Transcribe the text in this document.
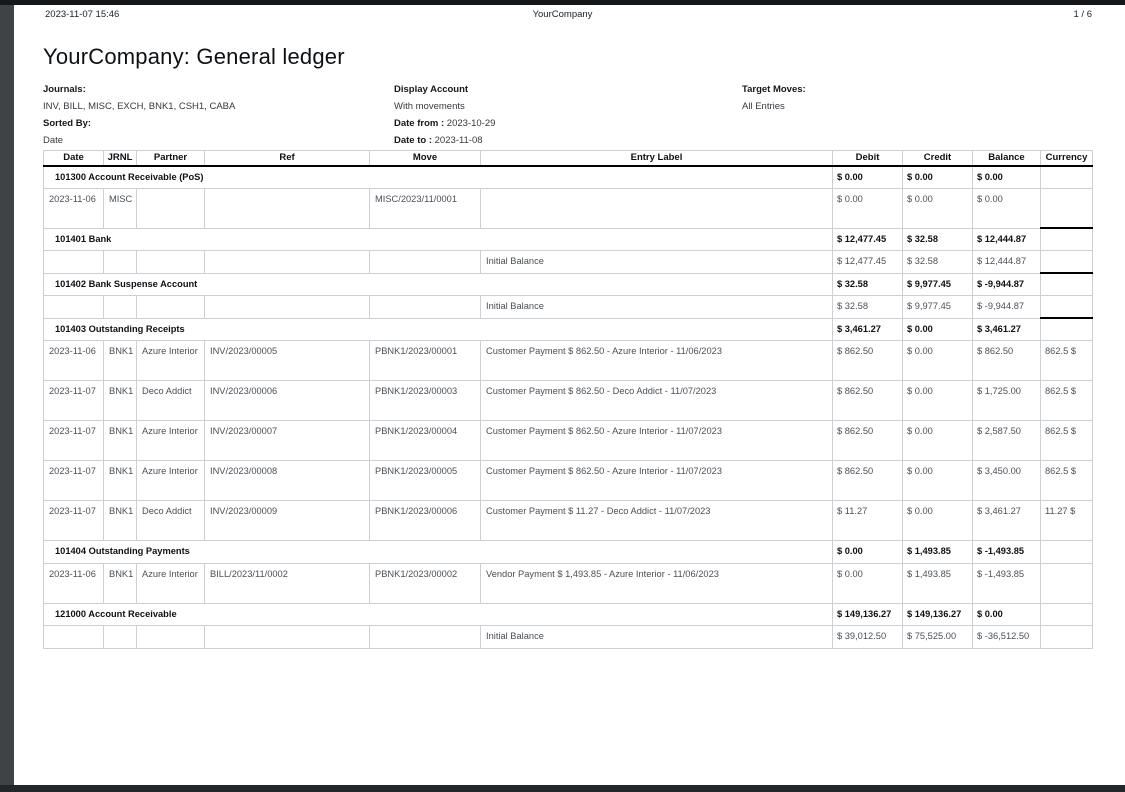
2023-11-07 15:46	YourCompany	1 / 6
YourCompany: General ledger
Journals:
INV, BILL, MISC, EXCH, BNK1, CSH1, CABA
Sorted By:
Date
Display Account
With movements
Date from : 2023-10-29
Date to : 2023-11-08
Target Moves:
All Entries
Date	JRNL	Partner	Ref	Move	Entry Label	Debit	Credit	Balance	Currency
101300 Account Receivable (PoS)						$ 0.00	$ 0.00	$ 0.00	
2023-11-06	MISC			MISC/2023/11/0001		$ 0.00	$ 0.00	$ 0.00	
101401 Bank						$ 12,477.45	$ 32.58	$ 12,444.87	
					Initial Balance	$ 12,477.45	$ 32.58	$ 12,444.87	
101402 Bank Suspense Account						$ 32.58	$ 9,977.45	$ -9,944.87	
					Initial Balance	$ 32.58	$ 9,977.45	$ -9,944.87	
101403 Outstanding Receipts						$ 3,461.27	$ 0.00	$ 3,461.27	
2023-11-06	BNK1	Azure Interior	INV/2023/00005	PBNK1/2023/00001	Customer Payment $ 862.50 - Azure Interior - 11/06/2023	$ 862.50	$ 0.00	$ 862.50	862.5 $
2023-11-07	BNK1	Deco Addict	INV/2023/00006	PBNK1/2023/00003	Customer Payment $ 862.50 - Deco Addict - 11/07/2023	$ 862.50	$ 0.00	$ 1,725.00	862.5 $
2023-11-07	BNK1	Azure Interior	INV/2023/00007	PBNK1/2023/00004	Customer Payment $ 862.50 - Azure Interior - 11/07/2023	$ 862.50	$ 0.00	$ 2,587.50	862.5 $
2023-11-07	BNK1	Azure Interior	INV/2023/00008	PBNK1/2023/00005	Customer Payment $ 862.50 - Azure Interior - 11/07/2023	$ 862.50	$ 0.00	$ 3,450.00	862.5 $
2023-11-07	BNK1	Deco Addict	INV/2023/00009	PBNK1/2023/00006	Customer Payment $ 11.27 - Deco Addict - 11/07/2023	$ 11.27	$ 0.00	$ 3,461.27	11.27 $
101404 Outstanding Payments						$ 0.00	$ 1,493.85	$ -1,493.85	
2023-11-06	BNK1	Azure Interior	BILL/2023/11/0002	PBNK1/2023/00002	Vendor Payment $ 1,493.85 - Azure Interior - 11/06/2023	$ 0.00	$ 1,493.85	$ -1,493.85	
121000 Account Receivable						$ 149,136.27	$ 149,136.27	$ 0.00	
					Initial Balance	$ 39,012.50	$ 75,525.00	$ -36,512.50	
